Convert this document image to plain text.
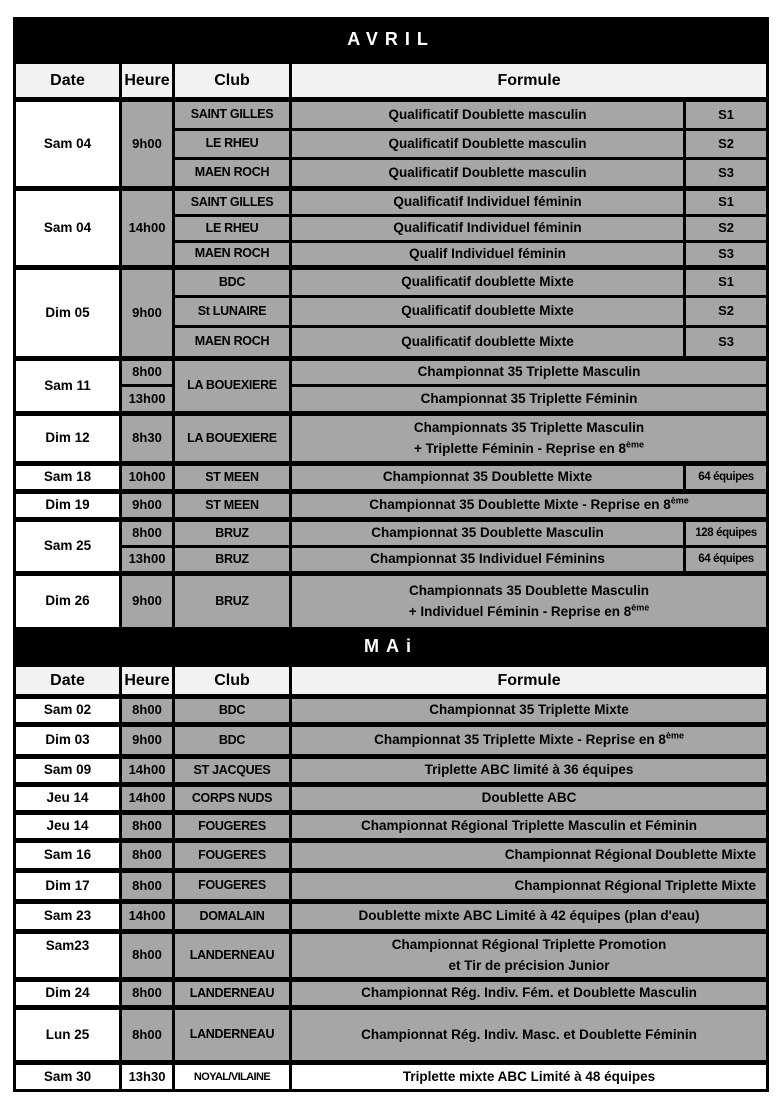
AVRIL				
Date	Heure	Club	Formule	
Sam 04	9h00	SAINT GILLES	Qualificatif Doublette masculin	S1
		LE RHEU	Qualificatif Doublette masculin	S2
		MAEN ROCH	Qualificatif Doublette masculin	S3
Sam 04	14h00	SAINT GILLES	Qualificatif Individuel féminin	S1
		LE RHEU	Qualificatif Individuel féminin	S2
		MAEN ROCH	Qualif Individuel féminin	S3
Dim 05	9h00	BDC	Qualificatif doublette Mixte	S1
		St LUNAIRE	Qualificatif doublette Mixte	S2
		MAEN ROCH	Qualificatif doublette Mixte	S3
Sam 11	8h00	LA BOUEXIERE	Championnat 35 Triplette Masculin	
	13h00		Championnat 35 Triplette Féminin	
Dim 12	8h30	LA BOUEXIERE	Championnats 35 Triplette Masculin
+ Triplette Féminin - Reprise en 8ème

Sam 18	10h00	ST MEEN	Championnat 35 Doublette Mixte	64 équipes
Dim 19	9h00	ST MEEN	Championnat 35 Doublette Mixte - Reprise en 8ème
Sam 25	8h00	BRUZ	Championnat 35 Doublette Masculin	128 équipes
	13h00	BRUZ	Championnat 35 Individuel Féminins	64 équipes
Dim 26	9h00	BRUZ	Championnats 35 Doublette Masculin
+ Individuel Féminin - Reprise en 8ème

MAi				
Date	Heure	Club	Formule	
Sam 02	8h00	BDC	Championnat 35 Triplette Mixte	
Dim 03	9h00	BDC	Championnat 35 Triplette Mixte - Reprise en 8ème
Sam 09	14h00	ST JACQUES	Triplette ABC limité à 36 équipes	
Jeu 14	14h00	CORPS NUDS	Doublette ABC	
Jeu 14	8h00	FOUGERES	Championnat Régional Triplette Masculin et Féminin	
Sam 16	8h00	FOUGERES	Championnat Régional Doublette Mixte	
Dim 17	8h00	FOUGERES	Championnat Régional Triplette Mixte	
Sam 23	14h00	DOMALAIN	Doublette mixte ABC Limité à 42 équipes (plan d'eau)	
Sam23	8h00	LANDERNEAU	Championnat Régional Triplette Promotion
et Tir de précision Junior	

Dim 24	8h00	LANDERNEAU	Championnat Rég. Indiv. Fém. et Doublette Masculin	
Lun 25	8h00	LANDERNEAU	Championnat Rég. Indiv. Masc. et Doublette Féminin	
Sam 30	13h30	NOYAL/VILAINE	Triplette mixte ABC Limité à 48 équipes	
